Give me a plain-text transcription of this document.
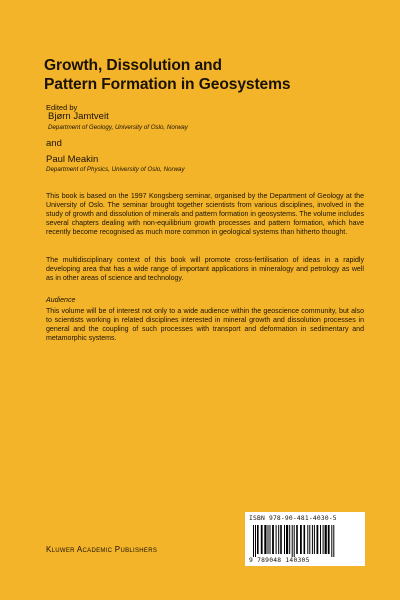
Growth, Dissolution and
Pattern Formation in Geosystems
Edited by
Bjørn Jamtveit
Department of Geology, University of Oslo, Norway
and
Paul Meakin
Department of Physics, University of Oslo, Norway
This book is based on the 1997 Kongsberg seminar, organised by the Department of Geology at the University of Oslo. The seminar brought together scientists from various disciplines, involved in the study of growth and dissolution of minerals and pattern formation in geosystems. The volume includes several chapters dealing with non-equilibrium growth processes and pattern formation, which have recently become recognised as much more common in geological systems than hitherto thought.
The multidisciplinary context of this book will promote cross-fertilisation of ideas in a rapidly developing area that has a wide range of important applications in mineralogy and petrology as well as in other areas of science and technology.
Audience
This volume will be of interest not only to a wide audience within the geoscience community, but also to scientists working in related disciplines interested in mineral growth and dissolution processes in general and the coupling of such processes with transport and deformation in sedimentary and metamorphic systems.
ISBN 978-90-481-4030-5
9 789048 140305
Kluwer Academic Publishers
